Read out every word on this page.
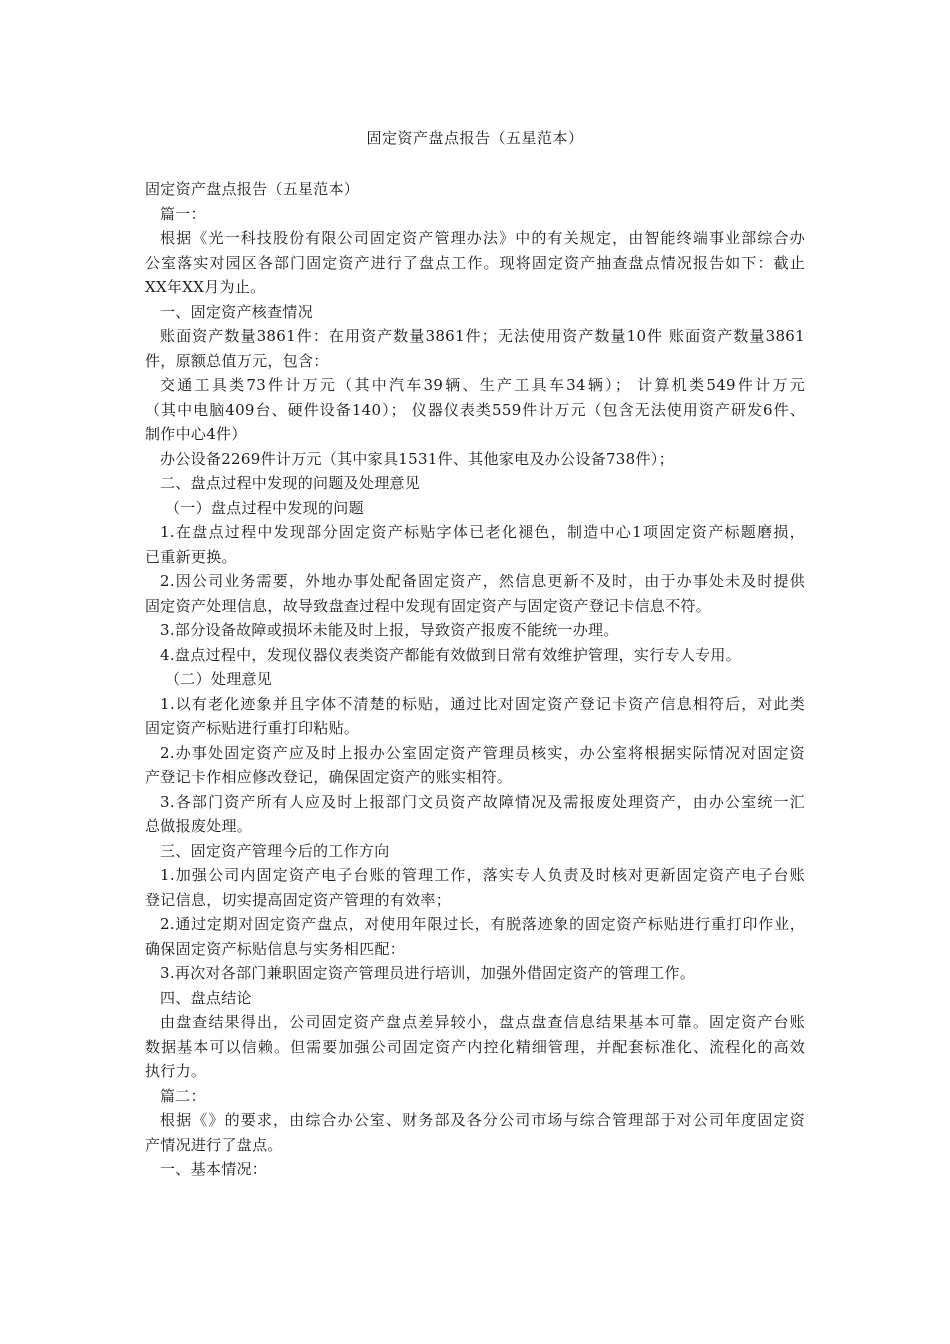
固定资产盘点报告（五星范本）

固定资产盘点报告（五星范本）

篇一：

根据《光一科技股份有限公司固定资产管理办法》中的有关规定，由智能终端事业部综合办

公室落实对园区各部门固定资产进行了盘点工作。现将固定资产抽查盘点情况报告如下：截止

XX年XX月为止。

一、固定资产核查情况

账面资产数量3861件：在用资产数量3861件；无法使用资产数量10件 账面资产数量3861

件，原额总值万元，包含：

交通工具类73件计万元（其中汽车39辆、生产工具车34辆）； 计算机类549件计万元

（其中电脑409台、硬件设备140）； 仪器仪表类559件计万元（包含无法使用资产研发6件、

制作中心4件）

办公设备2269件计万元（其中家具1531件、其他家电及办公设备738件）；

二、盘点过程中发现的问题及处理意见

（一）盘点过程中发现的问题

1.在盘点过程中发现部分固定资产标贴字体已老化褪色，制造中心1项固定资产标题磨损，

已重新更换。

2.因公司业务需要，外地办事处配备固定资产，然信息更新不及时，由于办事处未及时提供

固定资产处理信息，故导致盘查过程中发现有固定资产与固定资产登记卡信息不符。

3.部分设备故障或损坏未能及时上报，导致资产报废不能统一办理。

4.盘点过程中，发现仪器仪表类资产都能有效做到日常有效维护管理，实行专人专用。

（二）处理意见

1.以有老化迹象并且字体不清楚的标贴，通过比对固定资产登记卡资产信息相符后，对此类

固定资产标贴进行重打印粘贴。

2.办事处固定资产应及时上报办公室固定资产管理员核实，办公室将根据实际情况对固定资

产登记卡作相应修改登记，确保固定资产的账实相符。

3.各部门资产所有人应及时上报部门文员资产故障情况及需报废处理资产，由办公室统一汇

总做报废处理。

三、固定资产管理今后的工作方向

1.加强公司内固定资产电子台账的管理工作，落实专人负责及时核对更新固定资产电子台账

登记信息，切实提高固定资产管理的有效率；

2.通过定期对固定资产盘点，对使用年限过长，有脱落迹象的固定资产标贴进行重打印作业，

确保固定资产标贴信息与实务相匹配：

3.再次对各部门兼职固定资产管理员进行培训，加强外借固定资产的管理工作。

四、盘点结论

由盘查结果得出，公司固定资产盘点差异较小，盘点盘查信息结果基本可靠。固定资产台账

数据基本可以信赖。但需要加强公司固定资产内控化精细管理，并配套标准化、流程化的高效

执行力。

篇二：

根据《》的要求，由综合办公室、财务部及各分公司市场与综合管理部于对公司年度固定资

产情况进行了盘点。

一、基本情况：
